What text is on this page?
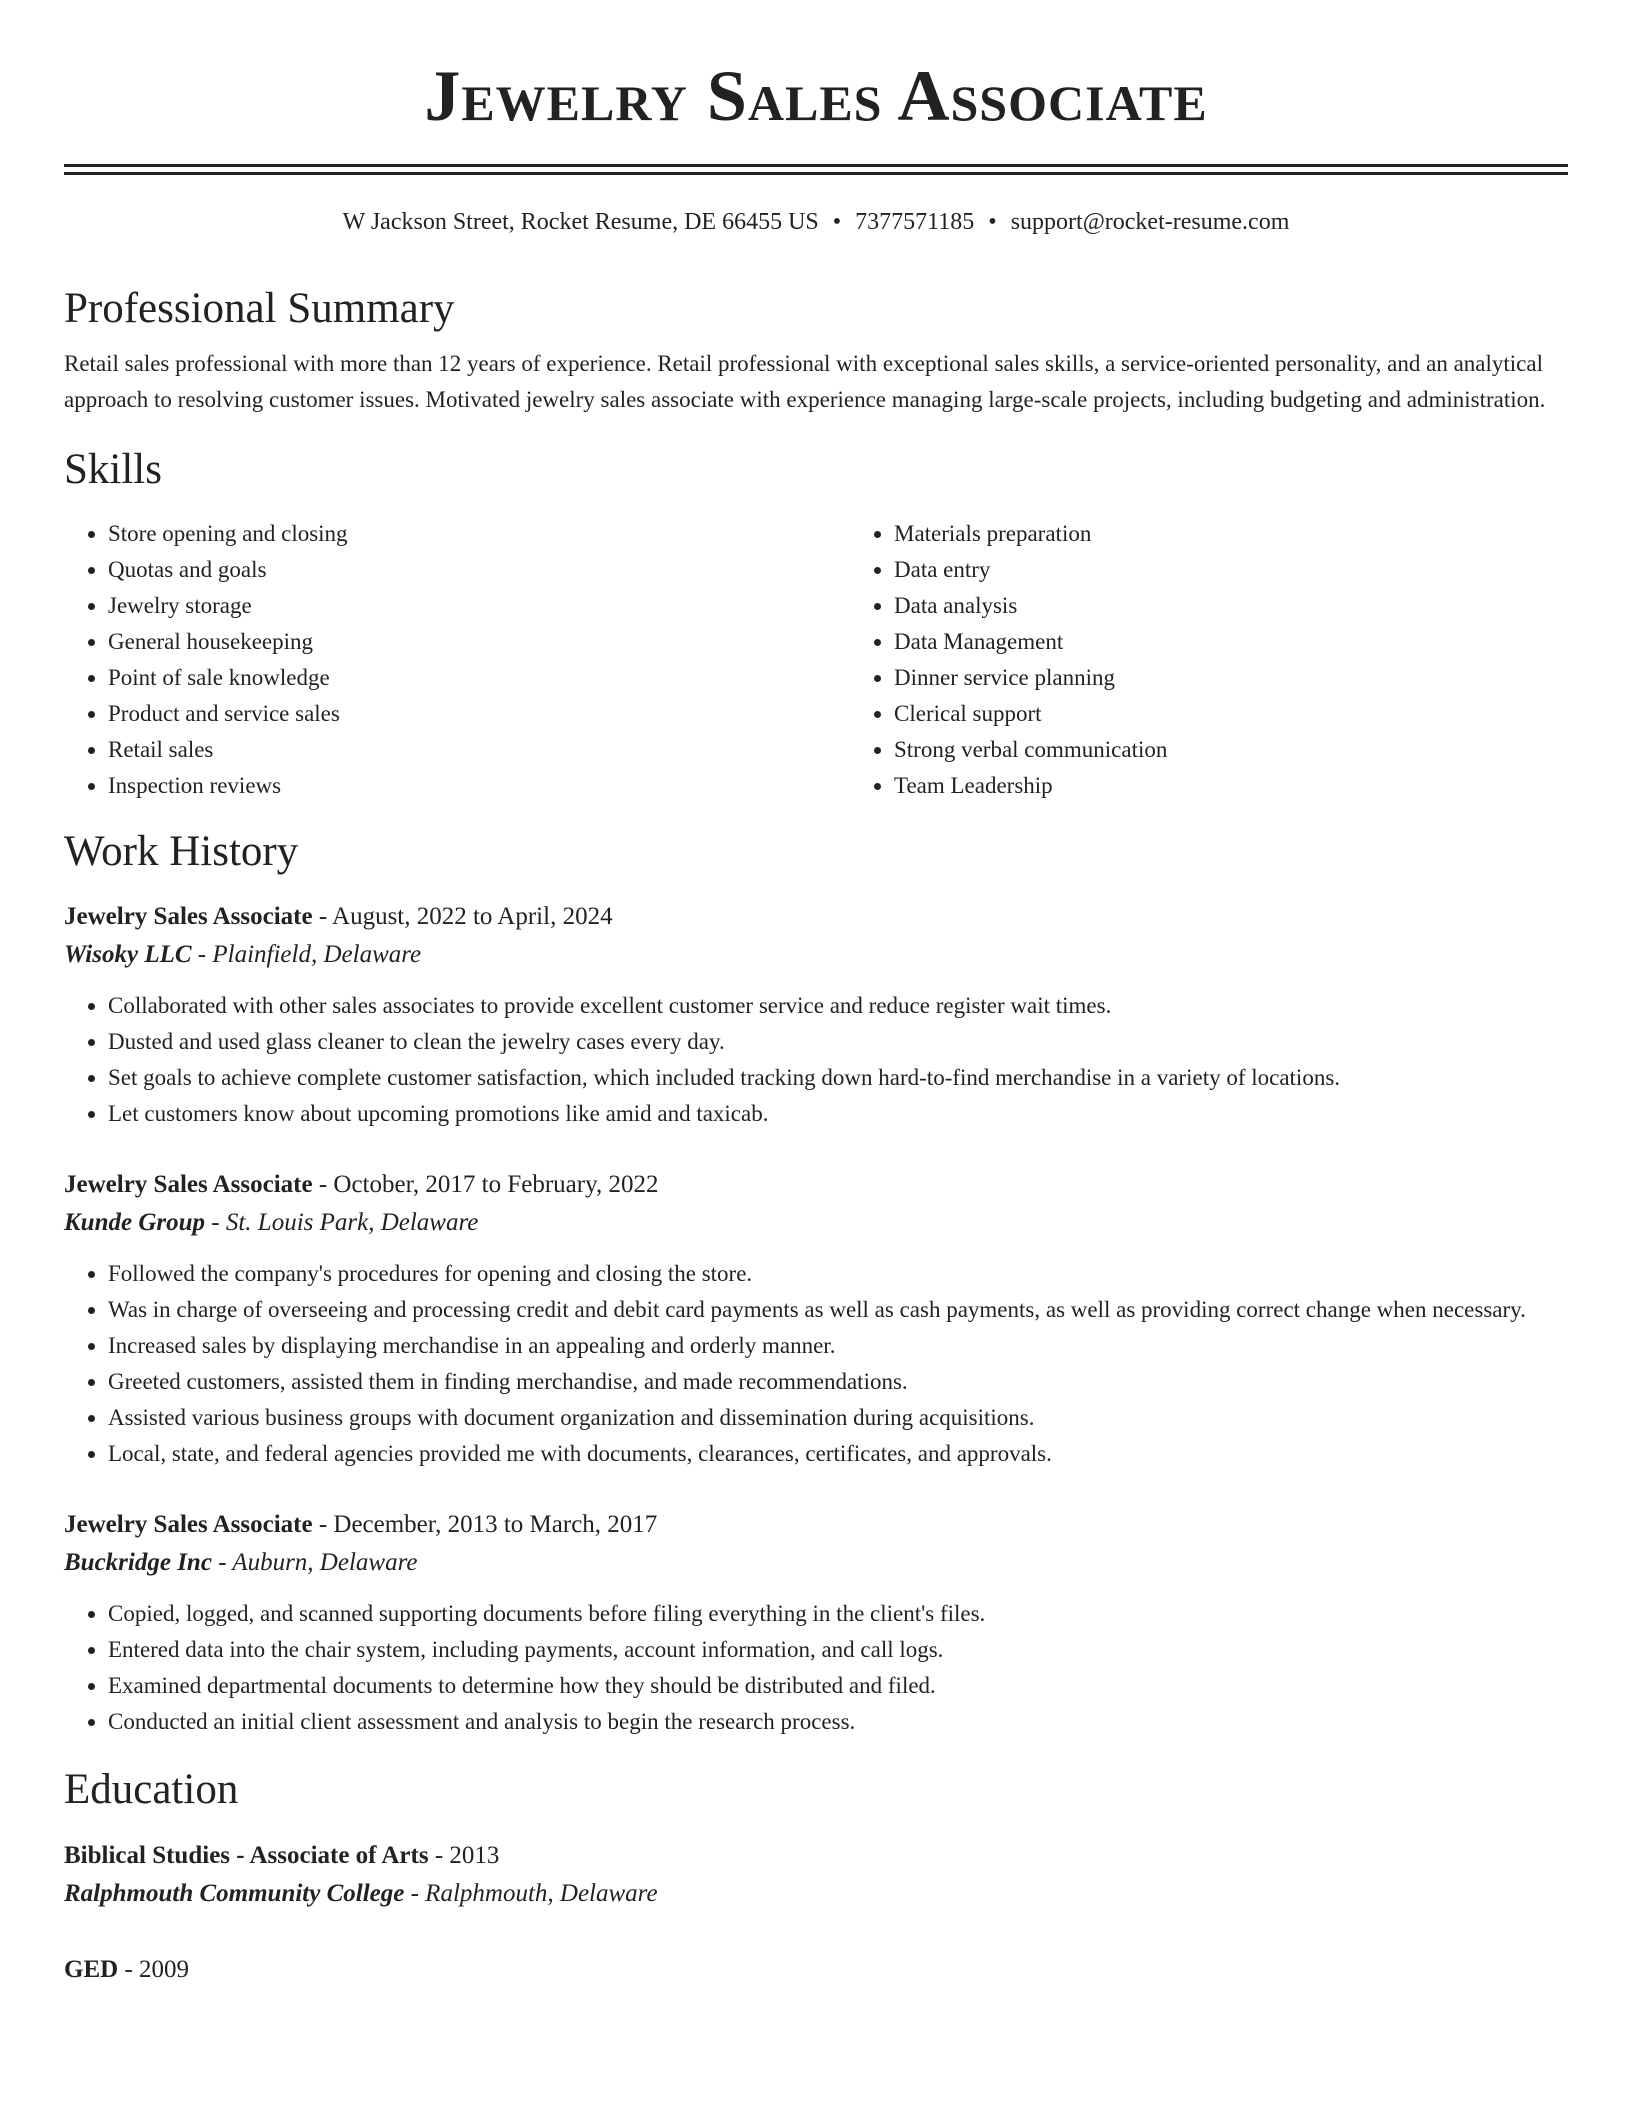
Jewelry Sales Associate
W Jackson Street, Rocket Resume, DE 66455 US • 7377571185 • support@rocket-resume.com
Professional Summary

Retail sales professional with more than 12 years of experience. Retail professional with exceptional sales skills, a service-oriented personality, and an analytical approach to resolving customer issues. Motivated jewelry sales associate with experience managing large-scale projects, including budgeting and administration.

Skills
• Store opening and closing
• Quotas and goals
• Jewelry storage
• General housekeeping
• Point of sale knowledge
• Product and service sales
• Retail sales
• Inspection reviews
• Materials preparation
• Data entry
• Data analysis
• Data Management
• Dinner service planning
• Clerical support
• Strong verbal communication
• Team Leadership
Work History
Jewelry Sales Associate - August, 2022 to April, 2024
Wisoky LLC - Plainfield, Delaware
• Collaborated with other sales associates to provide excellent customer service and reduce register wait times.
• Dusted and used glass cleaner to clean the jewelry cases every day.
• Set goals to achieve complete customer satisfaction, which included tracking down hard-to-find merchandise in a variety of locations.
• Let customers know about upcoming promotions like amid and taxicab.
Jewelry Sales Associate - October, 2017 to February, 2022
Kunde Group - St. Louis Park, Delaware
• Followed the company's procedures for opening and closing the store.
• Was in charge of overseeing and processing credit and debit card payments as well as cash payments, as well as providing correct change when necessary.
• Increased sales by displaying merchandise in an appealing and orderly manner.
• Greeted customers, assisted them in finding merchandise, and made recommendations.
• Assisted various business groups with document organization and dissemination during acquisitions.
• Local, state, and federal agencies provided me with documents, clearances, certificates, and approvals.
Jewelry Sales Associate - December, 2013 to March, 2017
Buckridge Inc - Auburn, Delaware
• Copied, logged, and scanned supporting documents before filing everything in the client's files.
• Entered data into the chair system, including payments, account information, and call logs.
• Examined departmental documents to determine how they should be distributed and filed.
• Conducted an initial client assessment and analysis to begin the research process.
Education
Biblical Studies - Associate of Arts - 2013
Ralphmouth Community College - Ralphmouth, Delaware
GED - 2009
